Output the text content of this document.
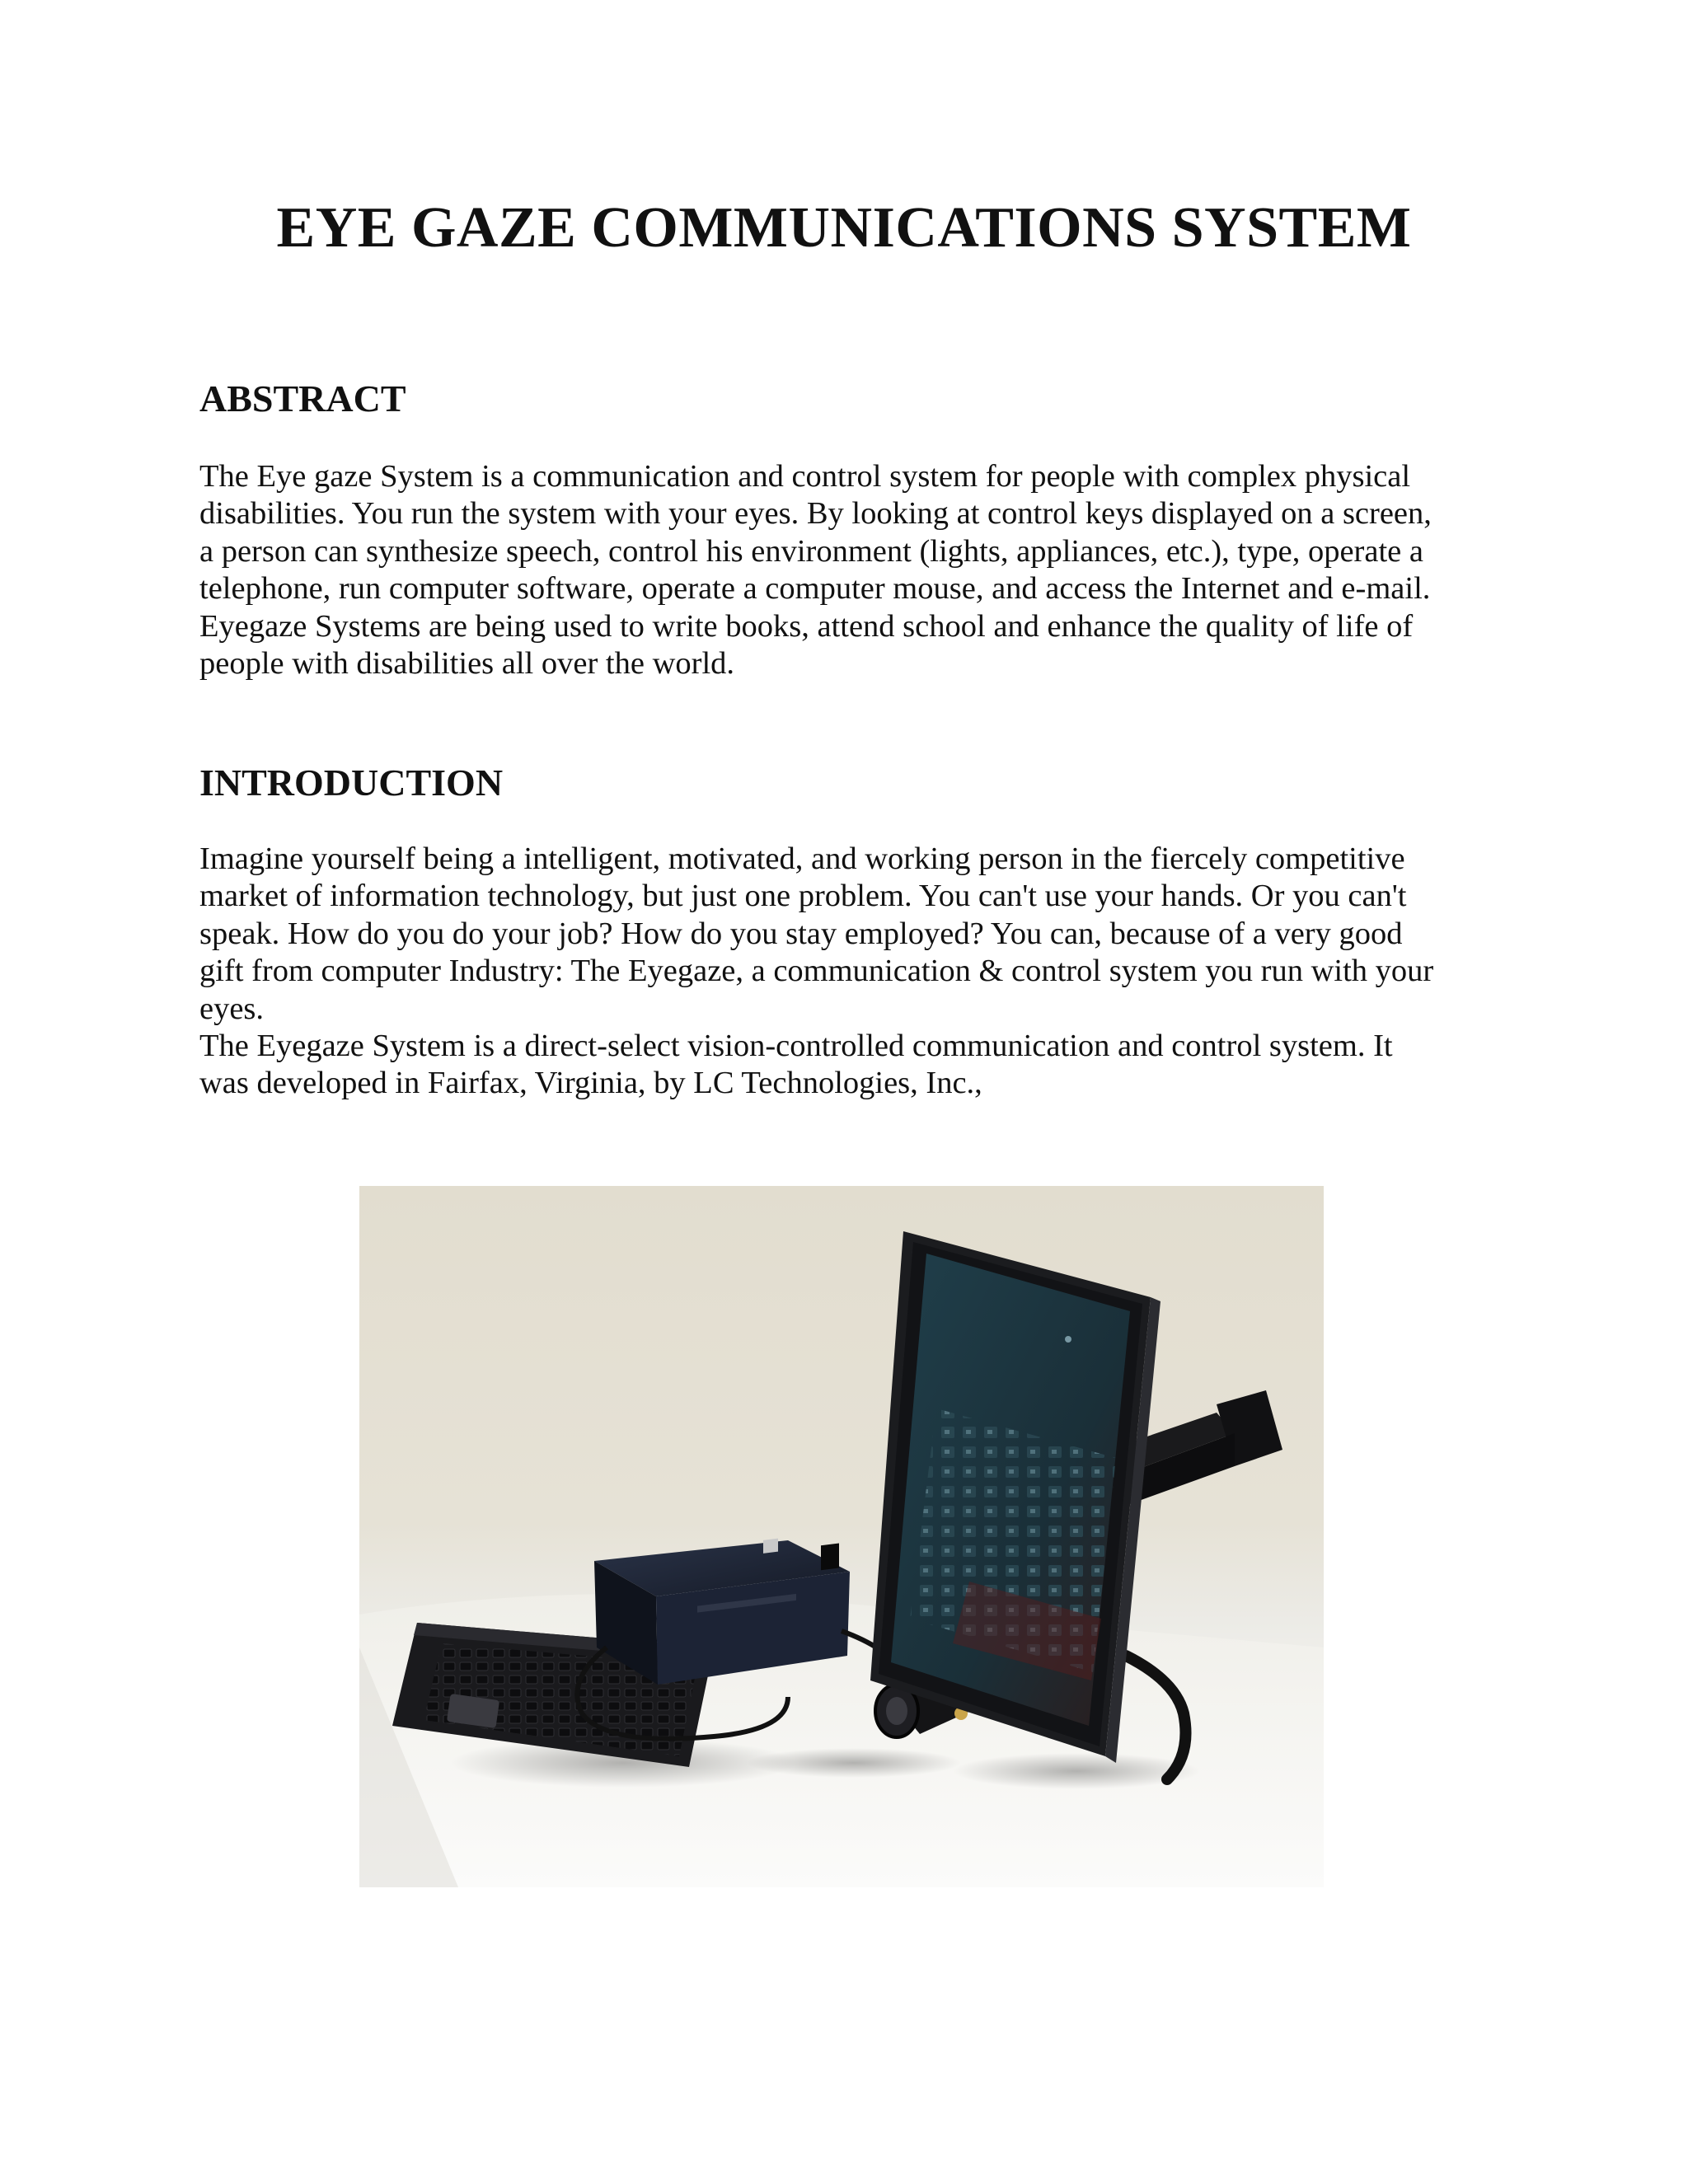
EYE GAZE COMMUNICATIONS SYSTEM
ABSTRACT

The Eye gaze System is a communication and control system for people with complex physical
disabilities. You run the system with your eyes. By looking at control keys displayed on a screen,
a person can synthesize speech, control his environment (lights, appliances, etc.), type, operate a
telephone, run computer software, operate a computer mouse, and access the Internet and e-mail.
Eyegaze Systems are being used to write books, attend school and enhance the quality of life of
people with disabilities all over the world.

INTRODUCTION

Imagine yourself being a intelligent, motivated, and working person in the fiercely competitive
market of information technology, but just one problem. You can't use your hands. Or you can't
speak. How do you do your job? How do you stay employed? You can, because of a very good
gift from computer Industry: The Eyegaze, a communication & control system you run with your
eyes.
The Eyegaze System is a direct-select vision-controlled communication and control system. It
was developed in Fairfax, Virginia, by LC Technologies, Inc.,
